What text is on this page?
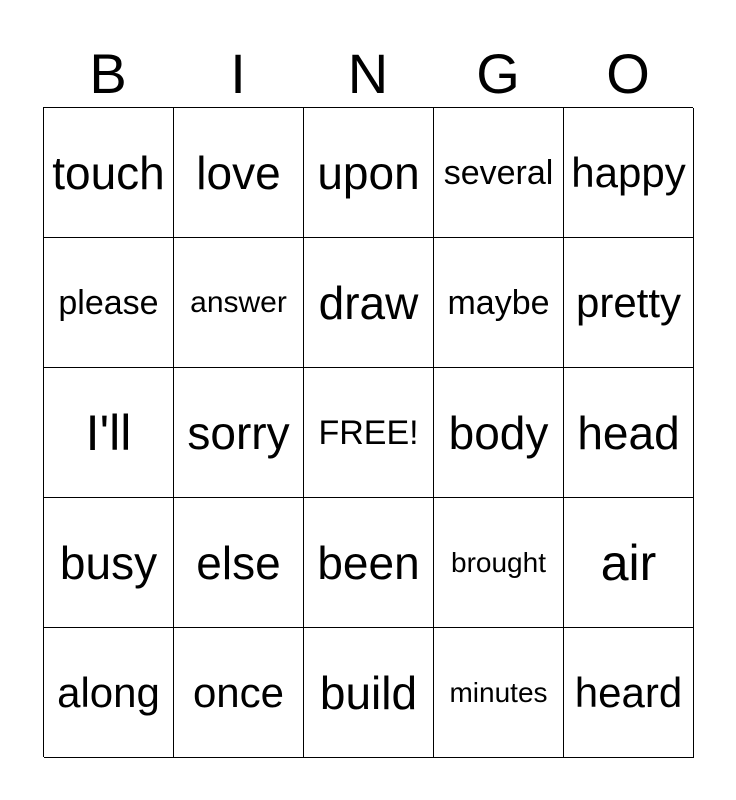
B	I	N	G	O
touch love upon several happy
please	answer draw maybe pretty
I'll	sorry FREE! body head
busy else been	brought	air
along once build	minutes heard
